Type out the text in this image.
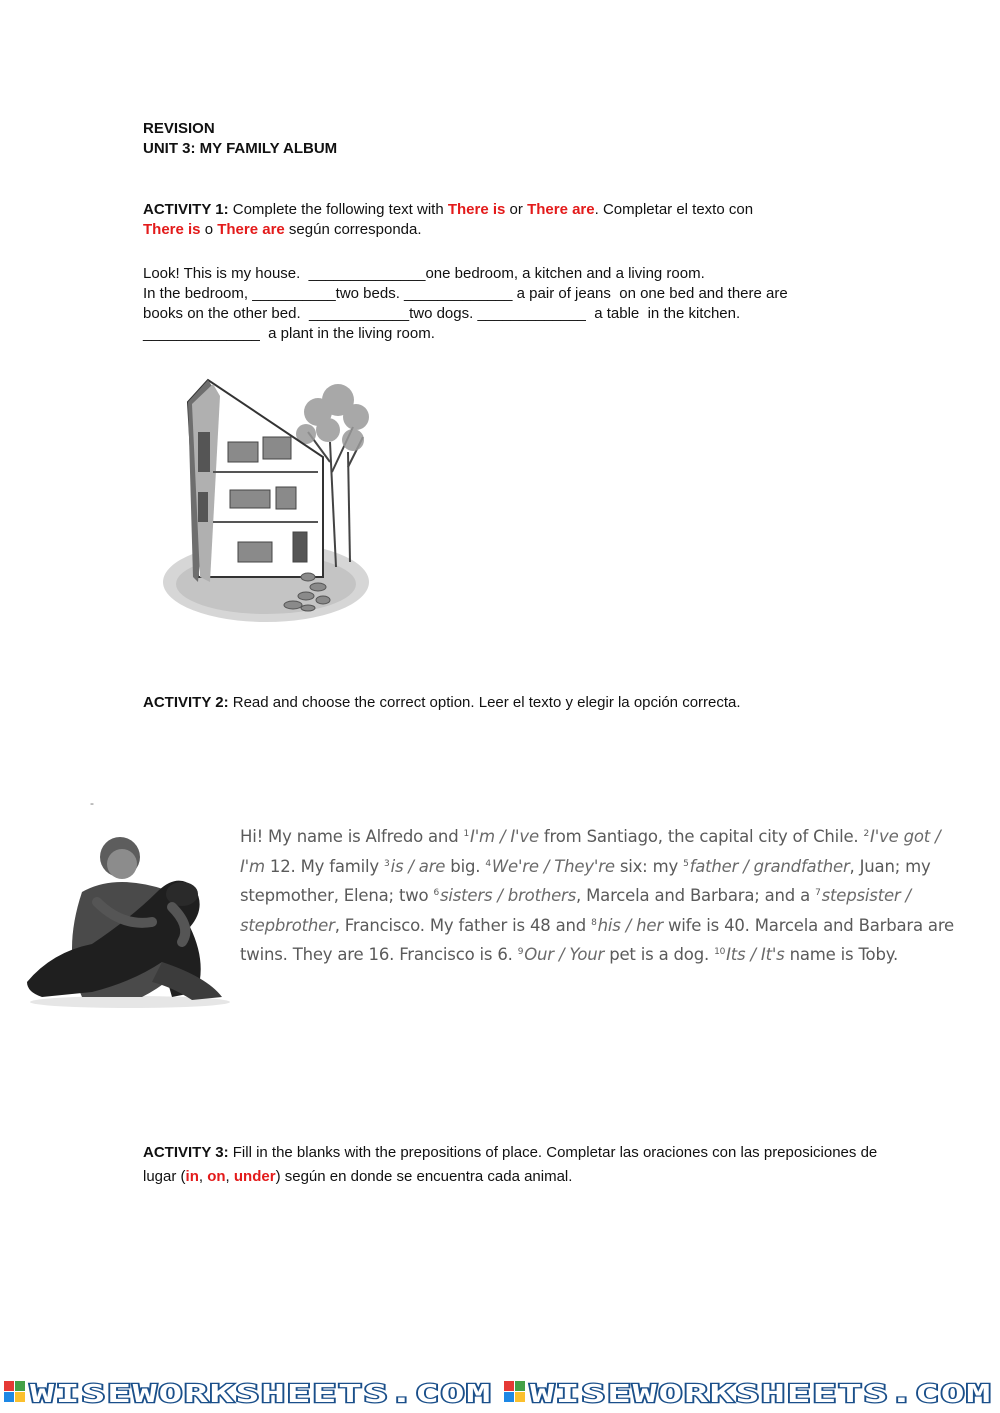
REVISION
UNIT 3: MY FAMILY ALBUM
ACTIVITY 1: Complete the following text with There is or There are. Completar el texto con
There is o There are según corresponda.
Look! This is my house.  ______________one bedroom, a kitchen and a living room.
In the bedroom, __________two beds. _____________ a pair of jeans  on one bed and there are
books on the other bed.  ____________two dogs. _____________  a table  in the kitchen.
______________  a plant in the living room.
ACTIVITY 2: Read and choose the correct option. Leer el texto y elegir la opción correcta.
-
Hi! My name is Alfredo and $^1$I'm / I've from Santiago, the capital city of Chile. $^2$I've got /
I'm 12. My family $^3$is / are big. $^4$We're / They're six: my $^5$father / grandfather, Juan; my stepmother, Elena; two $^6$sisters / brothers, Marcela and Barbara; and a $^7$stepsister /
stepbrother, Francisco. My father is 48 and $^8$his / her wife is 40. Marcela and Barbara are twins. They are 16. Francisco is 6. $^9$Our / Your pet is a dog. $^{10}$Its / It's name is Toby.
ACTIVITY 3: Fill in the blanks with the prepositions of place. Completar las oraciones con las preposiciones de lugar (in, on, under) según en donde se encuentra cada animal.
WISEWORKSHEETS.COM WISEWORKSHEETS.COM
